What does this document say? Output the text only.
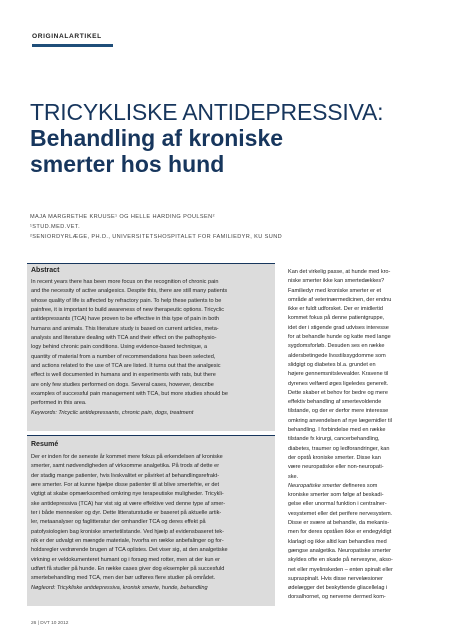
ORIGINALARTIKEL
TRICYKLISKE ANTIDEPRESSIVA:
Behandling af kroniske
smerter hos hund
MAJA MARGRETHE KRUUSE¹ OG HELLE HARDING POULSEN²
¹STUD.MED.VET.
²SENIORDYRLÆGE, PH.D., UNIVERSITETSHOSPITALET FOR FAMILIEDYR, KU SUND
Abstract
In recent years there has been more focus on the recognition of chronic pain
and the necessity of active analgesics. Despite this, there are still many patients
whose quality of life is affected by refractory pain. To help these patients to be
painfree, it is important to build awareness of new therapeutic options. Tricyclic
antidepressants (TCA) have proven to be effective in this type of pain in both
humans and animals. This literature study is based on current articles, meta-
analysis and literature dealing with TCA and their effect on the pathophysio-
logy behind chronic pain conditions. Using evidence-based technique, a
quantity of material from a number of recommendations has been selected,
and actions related to the use of TCA are listed. It turns out that the analgesic
effect is well documented in humans and in experiments with rats, but there
are only few studies performed on dogs. Several cases, however, describe
examples of successful pain management with TCA, but more studies should be
performed in this area.
Keywords: Tricyclic antidepressants, chronic pain, dogs, treatment
Resumé
Der er inden for de seneste år kommet mere fokus på erkendelsen af kroniske
smerter, samt nødvendigheden af virksomme analgetika. På trods af dette er
der stadig mange patienter, hvis livskvalitet er påvirket af behandlingsrefrakt-
ære smerter. For at kunne hjælpe disse patienter til at blive smertefrie, er det
vigtigt at skabe opmærksomhed omkring nye terapeutiske muligheder. Tricykli-
ske antidepressiva (TCA) har vist sig at være effektive ved denne type af smer-
ter i både mennesker og dyr. Dette litteraturstudie er baseret på aktuelle artik-
ler, metaanalyser og faglitteratur der omhandler TCA og deres effekt på
patofysiologien bag kroniske smertetilstande. Ved hjælp af evidensbaseret tek-
nik er der udvalgt en mængde materiale, hvorfra en række anbefalinger og for-
holdsregler vedrørende brugen af TCA oplistes. Det viser sig, at den analgetiske
virkning er veldokumenteret humant og i forsøg med rotter, men at der kun er
udført få studier på hunde. En række cases giver dog eksempler på succesfuld
smertebehandling med TCA, men der bør udføres flere studier på området.
Nøgleord: Tricykliske antidepressiva, kronisk smerte, hunde, behandling
Kan det virkelig passe, at hunde med kro-
niske smerter ikke kan smertedækkes?
Familiedyr med kroniske smerter er et
område af veterinærmedicinen, der endnu
ikke er fuldt udforsket. Der er imidlertid
kommet fokus på denne patientgruppe,
idet der i stigende grad udvises interesse
for at behandle hunde og katte med lange
sygdomsforløb. Desuden ses en række
aldersbetingede livsstilssygdomme som
slidgigt og diabetes bl.a. grundet en
højere gennemsnitslevealder. Kravene til
dyrenes velfærd øges ligeledes generelt.
Dette skaber et behov for bedre og mere
effektiv behandling af smertevoldende
tilstande, og der er derfor mere interesse
omkring anvendelsen af nye lægemidler til
behandling. I forbindelse med en række
tilstande fx kirurgi, cancerbehandling,
diabetes, traumer og ledforandringer, kan
der opstå kroniske smerter. Disse kan
være neuropatiske eller non-neuropati-
ske.
Neuropatiske smerter defineres som
kroniske smerter som følge af beskadi-
gelse eller unormal funktion i centralner-
vesystemet eller det perifere nervesystem.
Disse er svære at behandle, da mekanis-
men for deres opståen ikke er endegyldigt
klarlagt og ikke altid kan behandles med
gængse analgetika. Neuropatiske smerter
skyldes ofte en skade på nervesyne, akso-
net eller myelinskeden – enten spinalt eller
supraspinalt. Hvis disse nervelæsioner
ødelægger det beskyttende gliacellelag i
dorsalhornet, og nerverne dermed kom-
26 | DVT 10 2012
